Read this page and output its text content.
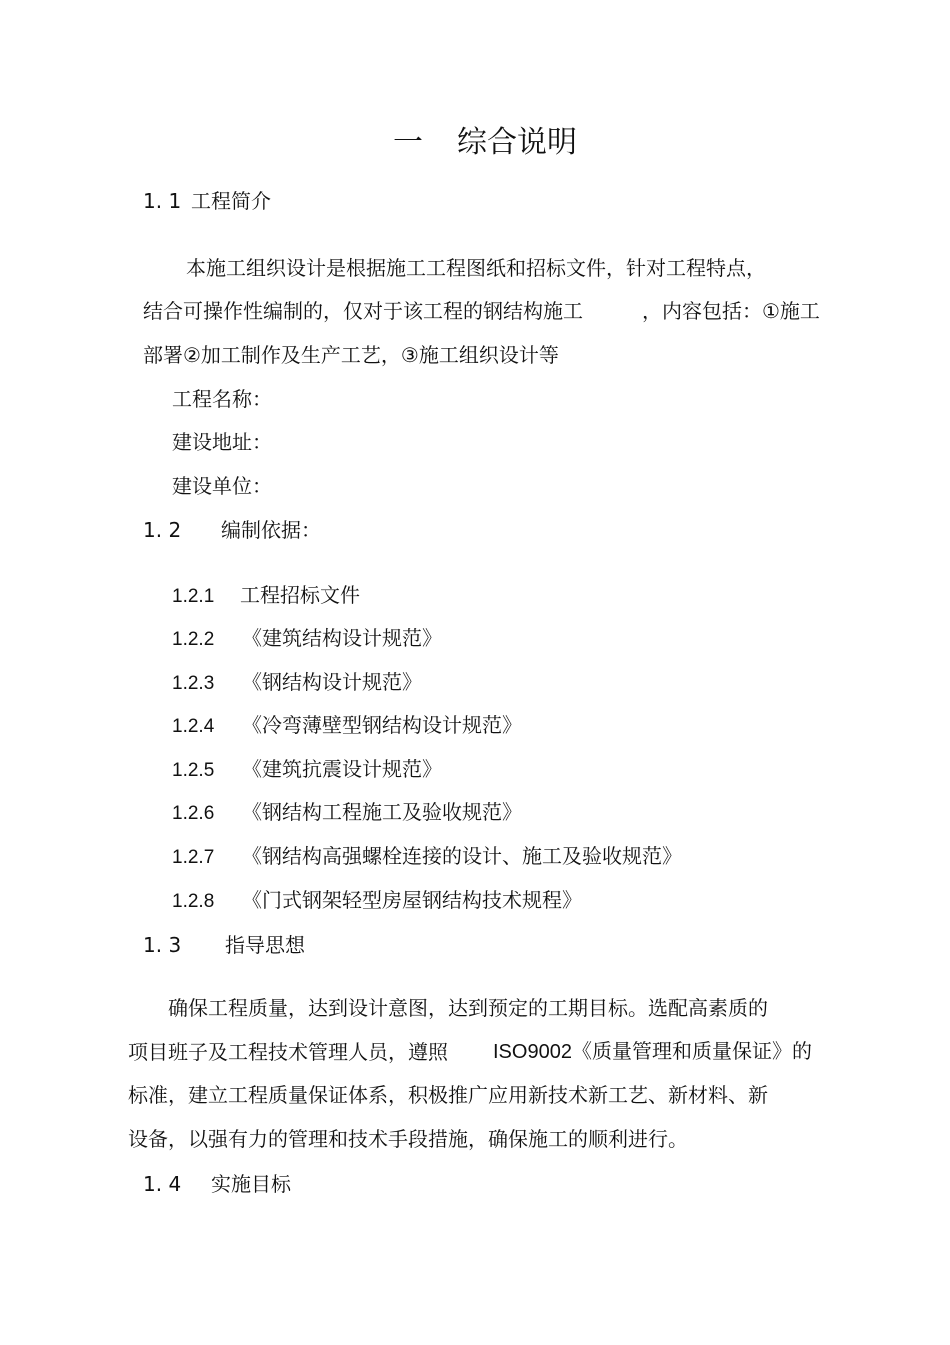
一 综合说明
1. 1 工程简介
本施工组织设计是根据施工工程图纸和招标文件，针对工程特点，
结合可操作性编制的，仅对于该工程的钢结构施工	，内容包括：①施工
部署②加工制作及生产工艺，③施工组织设计等
工程名称：
建设地址：
建设单位：
1. 2 编制依据：
1.2.1 工程招标文件
1.2.2 《建筑结构设计规范》
1.2.3 《钢结构设计规范》
1.2.4 《冷弯薄壁型钢结构设计规范》
1.2.5 《建筑抗震设计规范》
1.2.6 《钢结构工程施工及验收规范》
1.2.7 《钢结构高强螺栓连接的设计、施工及验收规范》
1.2.8 《门式钢架轻型房屋钢结构技术规程》
1. 3 指导思想
确保工程质量，达到设计意图，达到预定的工期目标。选配高素质的
项目班子及工程技术管理人员，遵照 ISO9002《质量管理和质量保证》的
标准，建立工程质量保证体系，积极推广应用新技术新工艺、新材料、新
设备，以强有力的管理和技术手段措施，确保施工的顺利进行。
1. 4 实施目标
